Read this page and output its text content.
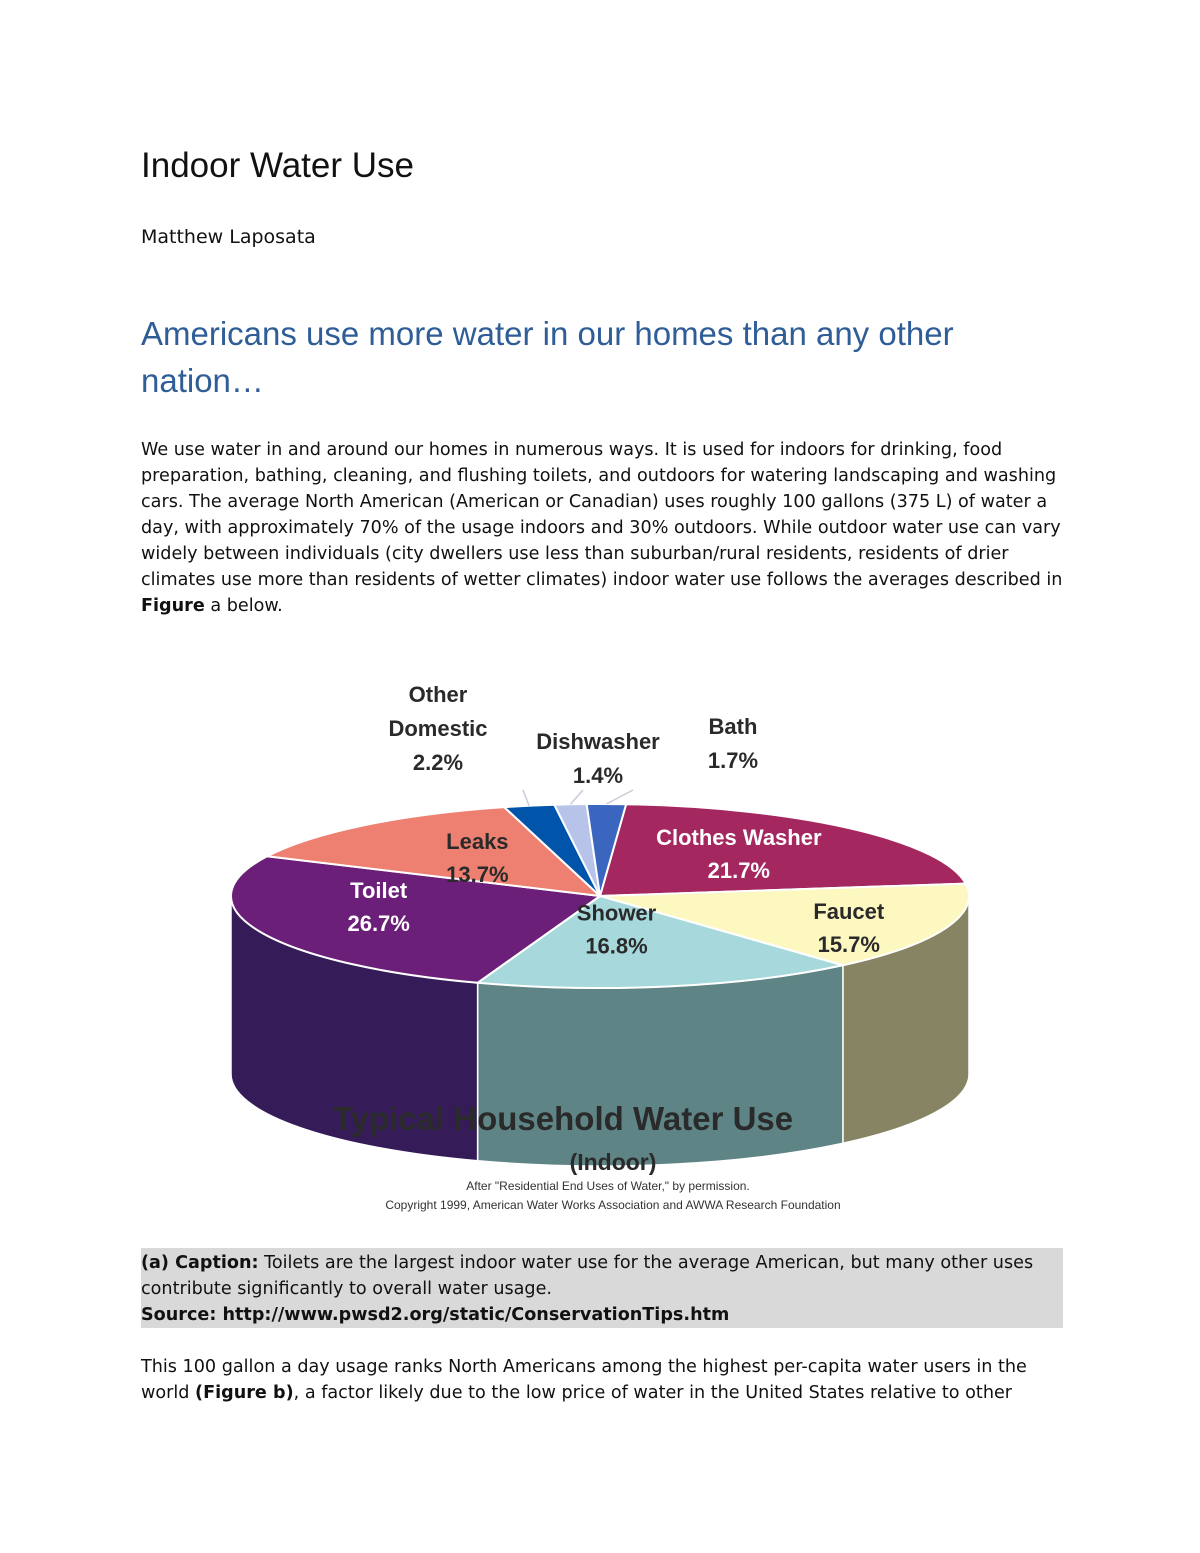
Indoor Water Use
Matthew Laposata
Americans use more water in our homes than any other nation…

We use water in and around our homes in numerous ways. It is used for indoors for drinking, food preparation, bathing, cleaning, and flushing toilets, and outdoors for watering landscaping and washing cars. The average North American (American or Canadian) uses roughly 100 gallons (375 L) of water a day, with approximately 70% of the usage indoors and 30% outdoors. While outdoor water use can vary widely between individuals (city dwellers use less than suburban/rural residents, residents of drier climates use more than residents of wetter climates) indoor water use follows the averages described in Figure a below.

Clothes Washer
21.7%
Faucet
15.7%
Shower
16.8%
Toilet
26.7%
Leaks
13.7%
Other
Domestic
2.2%
Dishwasher
1.4%
Bath
1.7%
Typical Household Water Use
(Indoor)
After "Residential End Uses of Water," by permission.
Copyright 1999, American Water Works Association and AWWA Research Foundation
(a) Caption: Toilets are the largest indoor water use for the average American, but many other uses contribute significantly to overall water usage.
Source: http://www.pwsd2.org/static/ConservationTips.htm

This 100 gallon a day usage ranks North Americans among the highest per-capita water users in the world (Figure b), a factor likely due to the low price of water in the United States relative to other
